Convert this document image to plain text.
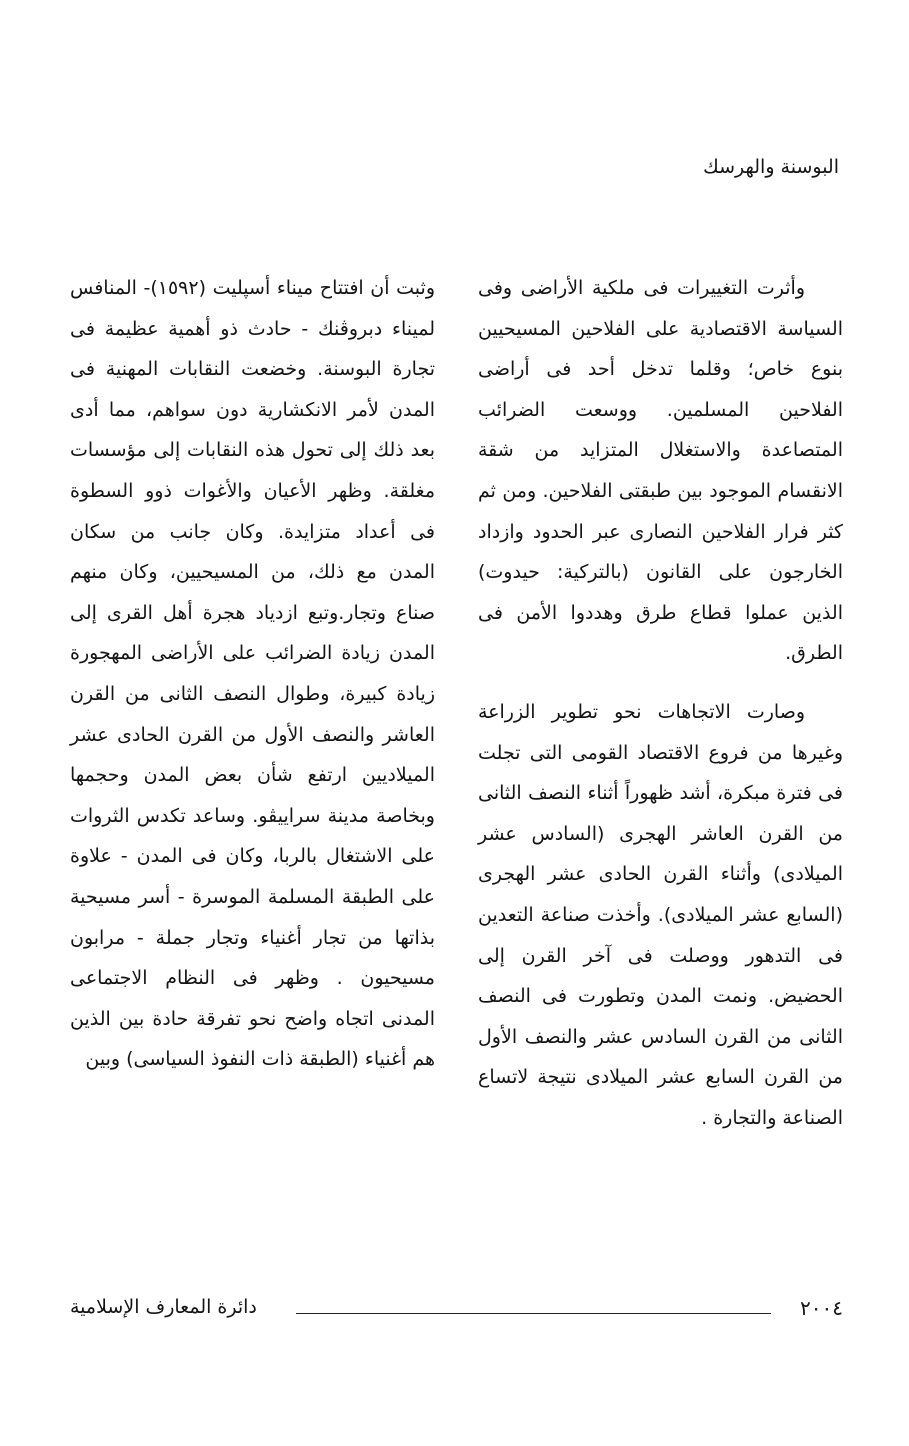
البوسنة والهرسك

وأثرت التغييرات فى ملكية الأراضى وفى السياسة الاقتصادية على الفلاحين المسيحيين بنوع خاص؛ وقلما تدخل أحد فى أراضى الفلاحين المسلمين. ووسعت الضرائب المتصاعدة والاستغلال المتزايد من شقة الانقسام الموجود بين طبقتى الفلاحين. ومن ثم كثر فرار الفلاحين النصارى عبر الحدود وازداد الخارجون على القانون (بالتركية: حيدوت) الذين عملوا قطاع طرق وهددوا الأمن فى الطرق.

وصارت الاتجاهات نحو تطوير الزراعة وغيرها من فروع الاقتصاد القومى التى تجلت فى فترة مبكرة، أشد ظهوراً أثناء النصف الثانى من القرن العاشر الهجرى (السادس عشر الميلادى) وأثناء القرن الحادى عشر الهجرى (السابع عشر الميلادى). وأخذت صناعة التعدين فى التدهور ووصلت فى آخر القرن إلى الحضيض. ونمت المدن وتطورت فى النصف الثانى من القرن السادس عشر والنصف الأول من القرن السابع عشر الميلادى نتيجة لاتساع الصناعة والتجارة .

وثبت أن افتتاح ميناء أسپليت (١٥٩٢)- المنافس لميناء دبروڤنك - حادث ذو أهمية عظيمة فى تجارة البوسنة. وخضعت النقابات المهنية فى المدن لأمر الانكشارية دون سواهم، مما أدى بعد ذلك إلى تحول هذه النقابات إلى مؤسسات مغلقة. وظهر الأعيان والأغوات ذوو السطوة فى أعداد متزايدة. وكان جانب من سكان المدن مع ذلك، من المسيحيين، وكان منهم صناع وتجار.وتبع ازدياد هجرة أهل القرى إلى المدن زيادة الضرائب على الأراضى المهجورة زيادة كبيرة، وطوال النصف الثانى من القرن العاشر والنصف الأول من القرن الحادى عشر الميلاديين ارتفع شأن بعض المدن وحجمها وبخاصة مدينة سراييڤو. وساعد تكدس الثروات على الاشتغال بالربا، وكان فى المدن - علاوة على الطبقة المسلمة الموسرة - أسر مسيحية بذاتها من تجار أغنياء وتجار جملة - مرابون مسيحيون . وظهر فى النظام الاجتماعى المدنى اتجاه واضح نحو تفرقة حادة بين الذين هم أغنياء (الطبقة ذات النفوذ السياسى) وبين

٢٠٠٤
دائرة المعارف الإسلامية
